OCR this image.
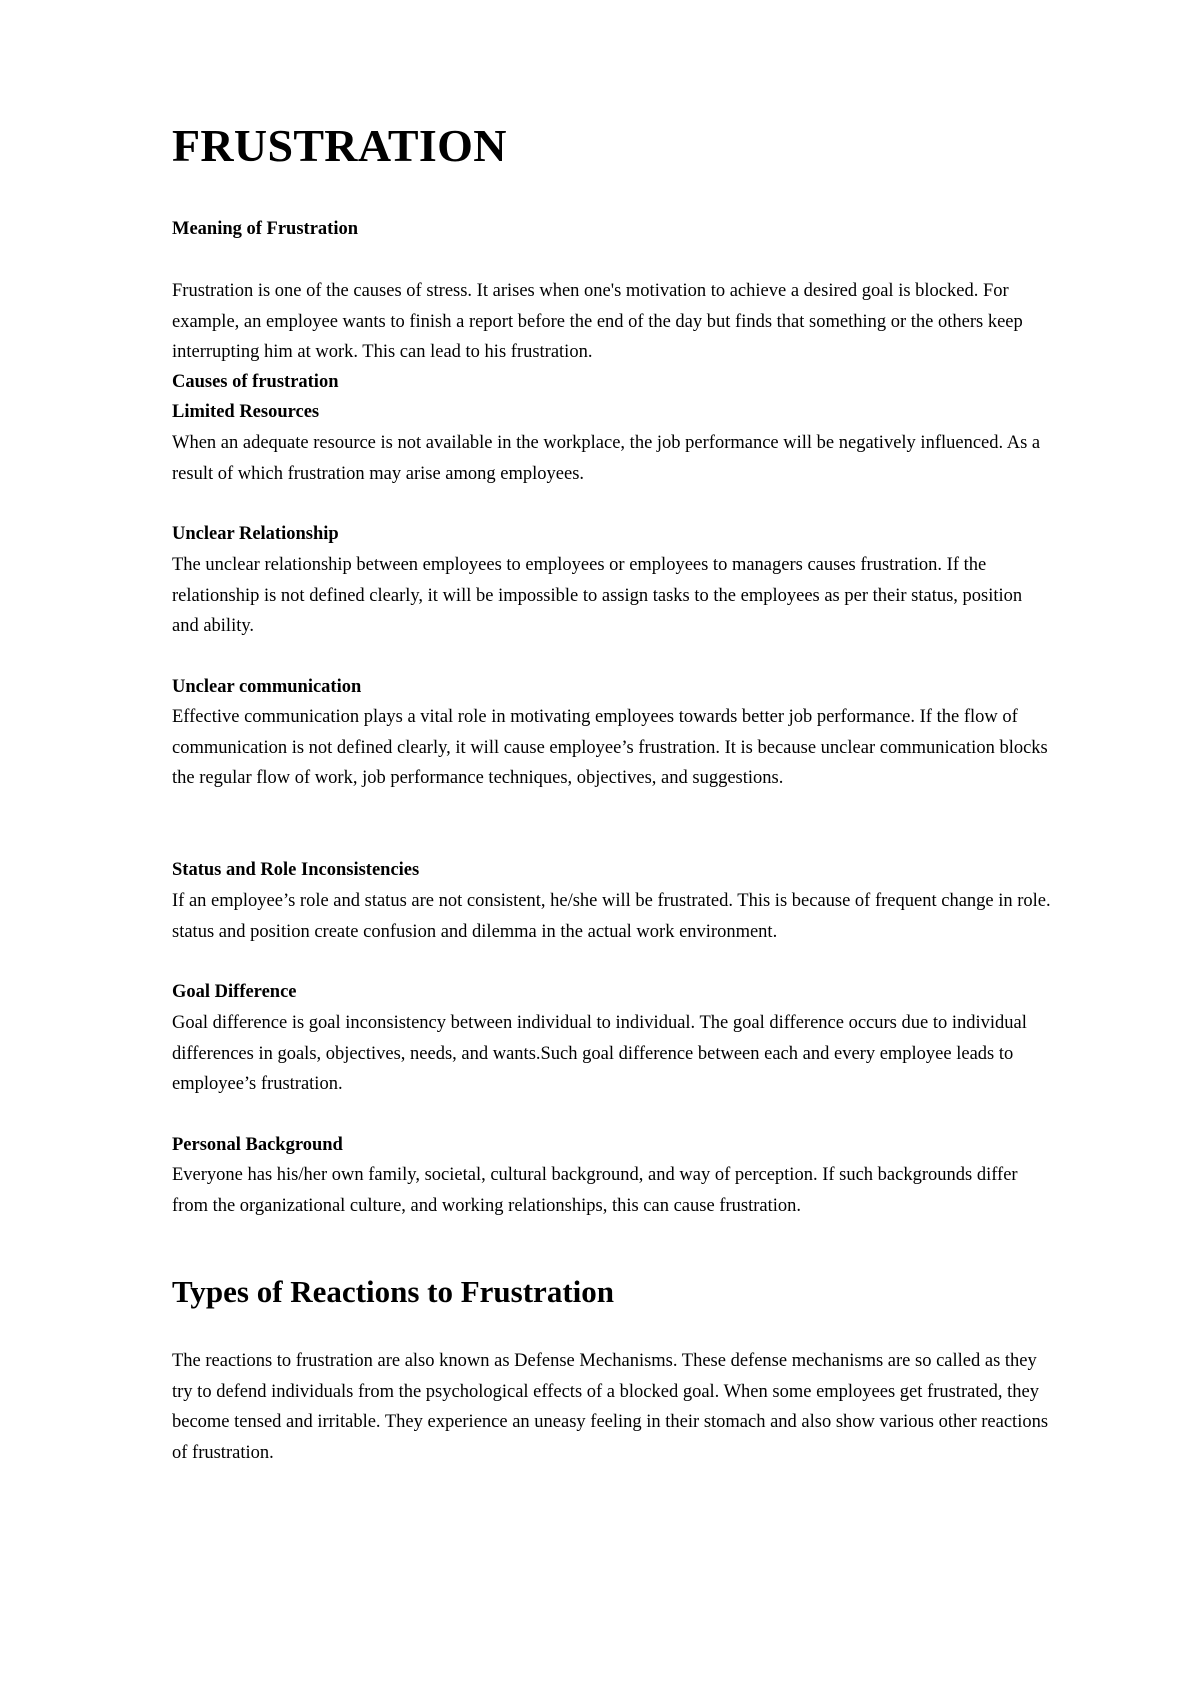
FRUSTRATION

Meaning of Frustration

Frustration is one of the causes of stress. It arises when one's motivation to achieve a desired goal is blocked. For example, an employee wants to finish a report before the end of the day but finds that something or the others keep interrupting him at work. This can lead to his frustration.

Causes of frustration

Limited Resources

When an adequate resource is not available in the workplace, the job performance will be negatively influenced. As a result of which frustration may arise among employees.

Unclear Relationship

The unclear relationship between employees to employees or employees to managers causes frustration. If the relationship is not defined clearly, it will be impossible to assign tasks to the employees as per their status, position and ability.

Unclear communication

Effective communication plays a vital role in motivating employees towards better job performance. If the flow of communication is not defined clearly, it will cause employee’s frustration. It is because unclear communication blocks the regular flow of work, job performance techniques, objectives, and suggestions.

Status and Role Inconsistencies

If an employee’s role and status are not consistent, he/she will be frustrated. This is because of frequent change in role. status and position create confusion and dilemma in the actual work environment.

Goal Difference

Goal difference is goal inconsistency between individual to individual. The goal difference occurs due to individual differences in goals, objectives, needs, and wants.Such goal difference between each and every employee leads to employee’s frustration.

Personal Background

Everyone has his/her own family, societal, cultural background, and way of perception. If such backgrounds differ from the organizational culture, and working relationships, this can cause frustration.

Types of Reactions to Frustration

The reactions to frustration are also known as Defense Mechanisms. These defense mechanisms are so called as they try to defend individuals from the psychological effects of a blocked goal. When some employees get frustrated, they become tensed and irritable. They experience an uneasy feeling in their stomach and also show various other reactions of frustration.
